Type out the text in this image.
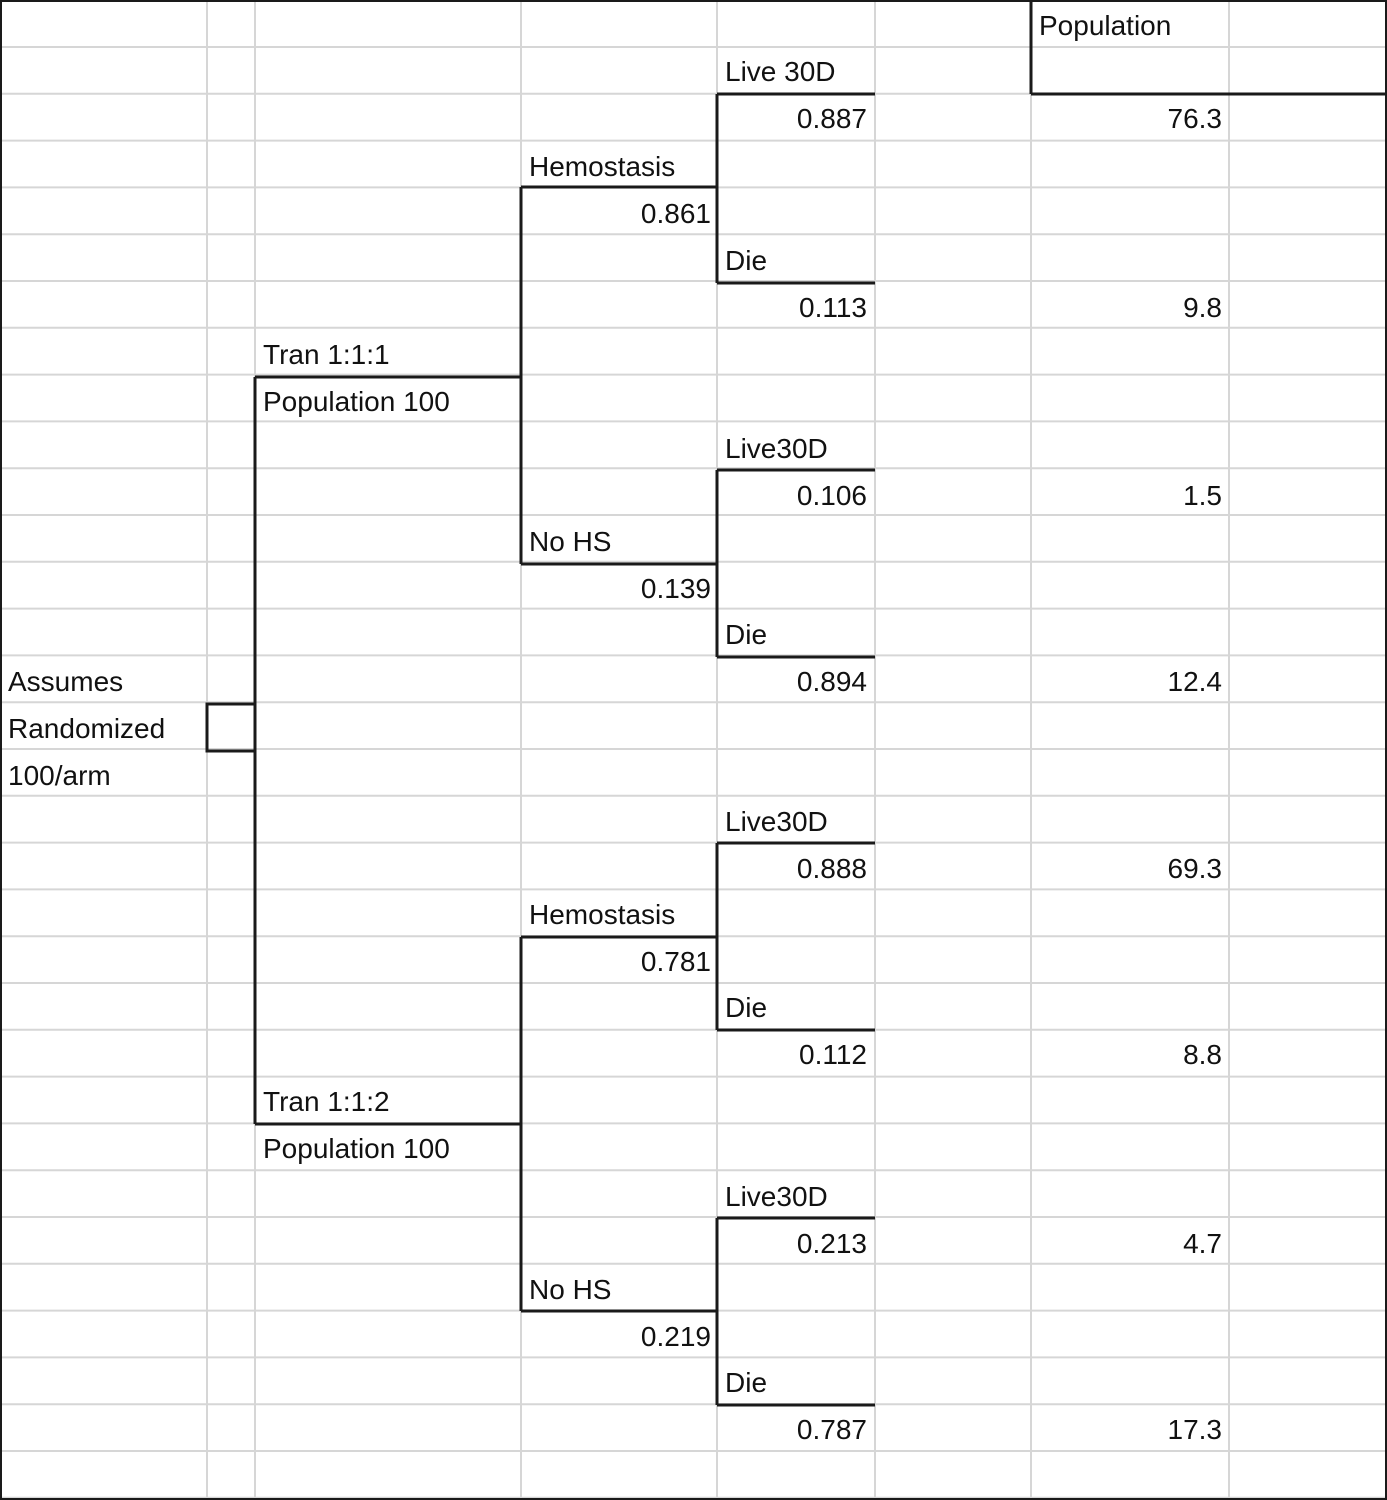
Population
Assumes
Randomized
100/arm
Tran 1:1:1
Population 100
Hemostasis
0.861
Live 30D
0.887	76.3
Die
0.113	9.8
No HS
0.139
Live30D
0.106	1.5
Die
0.894	12.4
Tran 1:1:2
Population 100
Hemostasis
0.781
Live30D
0.888	69.3
Die
0.112	8.8
No HS
0.219
Live30D
0.213	4.7
Die
0.787	17.3
